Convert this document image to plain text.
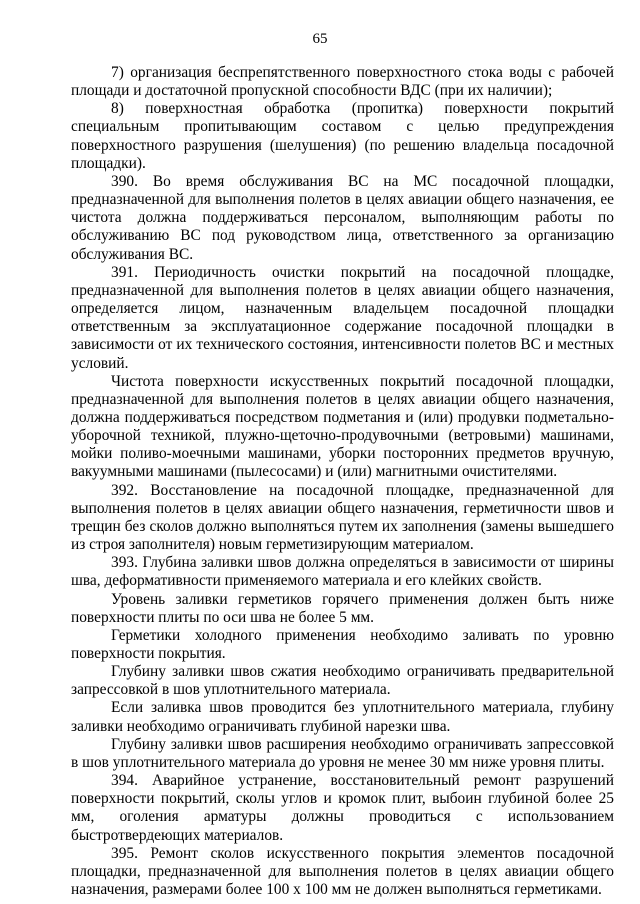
65

7) организация беспрепятственного поверхностного стока воды с рабочей площади и достаточной пропускной способности ВДС (при их наличии);

8) поверхностная обработка (пропитка) поверхности покрытий специальным пропитывающим составом с целью предупреждения поверхностного разрушения (шелушения) (по решению владельца посадочной площадки).

390. Во время обслуживания ВС на МС посадочной площадки, предназначенной для выполнения полетов в целях авиации общего назначения, ее чистота должна поддерживаться персоналом, выполняющим работы по обслуживанию ВС под руководством лица, ответственного за организацию обслуживания ВС.

391. Периодичность очистки покрытий на посадочной площадке, предназначенной для выполнения полетов в целях авиации общего назначения, определяется лицом, назначенным владельцем посадочной площадки ответственным за эксплуатационное содержание посадочной площадки в зависимости от их технического состояния, интенсивности полетов ВС и местных условий.

Чистота поверхности искусственных покрытий посадочной площадки, предназначенной для выполнения полетов в целях авиации общего назначения, должна поддерживаться посредством подметания и (или) продувки подметально-уборочной техникой, плужно-щеточно-продувочными (ветровыми) машинами, мойки поливо-моечными машинами, уборки посторонних предметов вручную, вакуумными машинами (пылесосами) и (или) магнитными очистителями.

392. Восстановление на посадочной площадке, предназначенной для выполнения полетов в целях авиации общего назначения, герметичности швов и трещин без сколов должно выполняться путем их заполнения (замены вышедшего из строя заполнителя) новым герметизирующим материалом.

393. Глубина заливки швов должна определяться в зависимости от ширины шва, деформативности применяемого материала и его клейких свойств.

Уровень заливки герметиков горячего применения должен быть ниже поверхности плиты по оси шва не более 5 мм.

Герметики холодного применения необходимо заливать по уровню поверхности покрытия.

Глубину заливки швов сжатия необходимо ограничивать предварительной запрессовкой в шов уплотнительного материала.

Если заливка швов проводится без уплотнительного материала, глубину заливки необходимо ограничивать глубиной нарезки шва.

Глубину заливки швов расширения необходимо ограничивать запрессовкой в шов уплотнительного материала до уровня не менее 30 мм ниже уровня плиты.

394. Аварийное устранение, восстановительный ремонт разрушений поверхности покрытий, сколы углов и кромок плит, выбоин глубиной более 25 мм, оголения арматуры должны проводиться с использованием быстротвердеющих материалов.

395. Ремонт сколов искусственного покрытия элементов посадочной площадки, предназначенной для выполнения полетов в целях авиации общего назначения, размерами более 100 х 100 мм не должен выполняться герметиками.
